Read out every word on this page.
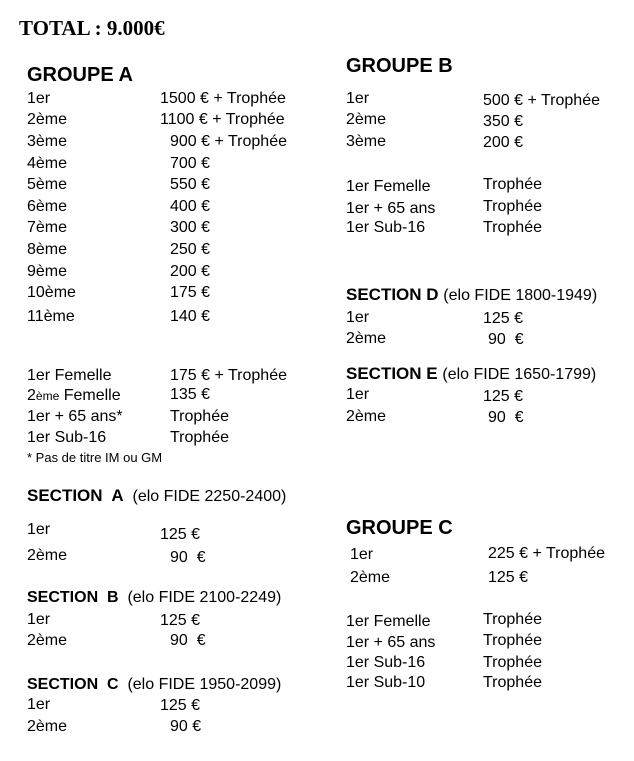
TOTAL : 9.000€
GROUPE A
1er	1500 € + Trophée
2ème	1100 € + Trophée
3ème	900 € + Trophée
4ème	700 €
5ème	550 €
6ème	400 €
7ème	300 €
8ème	250 €
9ème	200 €
10ème	175 €
11ème	140 €
1er Femelle	175 € + Trophée
2ème Femelle	135 €
1er + 65 ans*	Trophée
1er Sub-16	Trophée
* Pas de titre IM ou GM
SECTION  A (elo FIDE 2250-2400)
1er	125 €
2ème	90  €
SECTION  B (elo FIDE 2100-2249)
1er	125 €
2ème	90  €
SECTION  C (elo FIDE 1950-2099)
1er	125 €
2ème	90 €
GROUPE B
1er	500 € + Trophée
2ème	350 €
3ème	200 €
1er Femelle	Trophée
1er + 65 ans	Trophée
1er Sub-16	Trophée
SECTION D (elo FIDE 1800-1949)
1er	125 €
2ème	90  €
SECTION E (elo FIDE 1650-1799)
1er	125 €
2ème	90  €
GROUPE C
1er	225 € + Trophée
2ème	125 €
1er Femelle	Trophée
1er + 65 ans	Trophée
1er Sub-16	Trophée
1er Sub-10	Trophée
